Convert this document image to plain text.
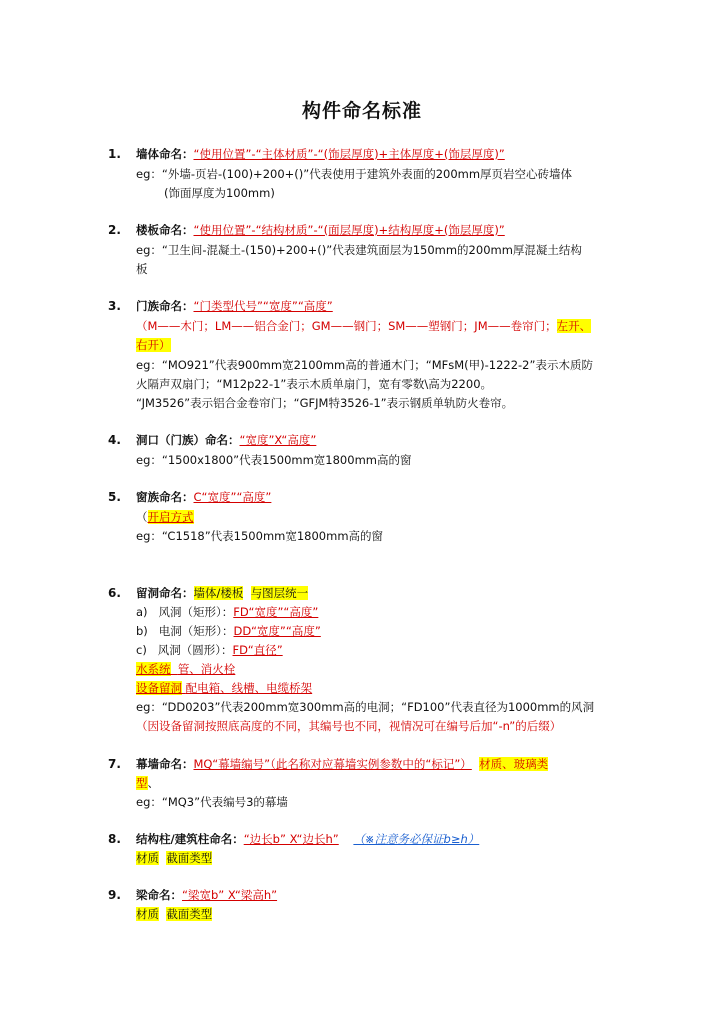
构件命名标准
1. 墙体命名：“使用位置”-“主体材质”-“(饰层厚度)+主体厚度+(饰层厚度)”
eg：“外墙-页岩-(100)+200+()”代表使用于建筑外表面的200mm厚页岩空心砖墙体
(饰面厚度为100mm)
2. 楼板命名：“使用位置”-“结构材质”-“(面层厚度)+结构厚度+(饰层厚度)”
eg：“卫生间-混凝土-(150)+200+()”代表建筑面层为150mm的200mm厚混凝土结构
板
3. 门族命名：“门类型代号”“宽度”“高度”
（M——木门；LM——铝合金门；GM——钢门；SM——塑钢门；JM——卷帘门；左开、
右开）
eg：“MO921”代表900mm宽2100mm高的普通木门；“MFsM(甲)-1222-2”表示木质防
火隔声双扇门；“M12p22-1”表示木质单扇门，宽有零数\高为2200。
“JM3526”表示铝合金卷帘门；“GFJM特3526-1”表示钢质单轨防火卷帘。
4. 洞口（门族）命名：“宽度”X“高度”
eg：“1500x1800”代表1500mm宽1800mm高的窗
5. 窗族命名：C“宽度”“高度”
（开启方式
eg：“C1518”代表1500mm宽1800mm高的窗
6. 留洞命名：墙体/楼板 与图层统一
a) 风洞（矩形）：FD“宽度”“高度”
b) 电洞（矩形）：DD“宽度”“高度”
c) 风洞（圆形）：FD“直径”
水系统 管、消火栓
设备留洞 配电箱、线槽、电缆桥架
eg：“DD0203”代表200mm宽300mm高的电洞；“FD100”代表直径为1000mm的风洞
（因设备留洞按照底高度的不同，其编号也不同，视情况可在编号后加“-n”的后缀）
7. 幕墙命名：MQ“幕墙编号”（此名称对应幕墙实例参数中的“标记”） 材质、玻璃类
型、
eg：“MQ3”代表编号3的幕墙
8. 结构柱/建筑柱命名：“边长b” X“边长h” （※注意务必保证b≥h）
材质 截面类型
9. 梁命名：“梁宽b” X“梁高h”
材质 截面类型
